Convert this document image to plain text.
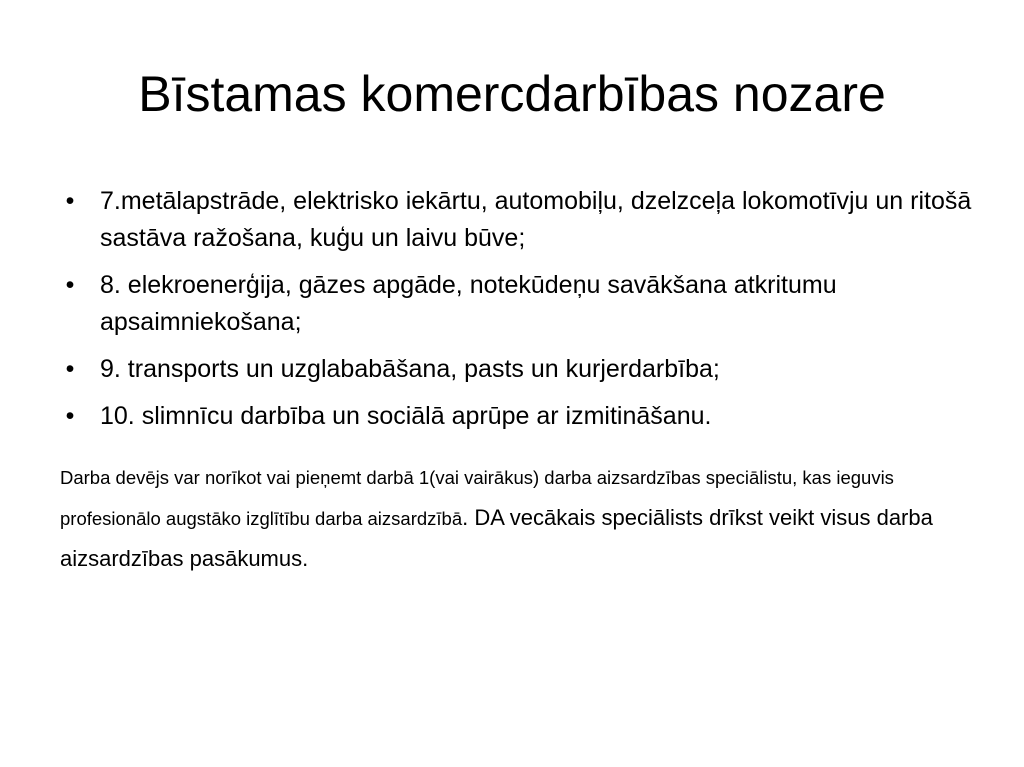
Bīstamas komercdarbības nozare
• 7.metālapstrāde, elektrisko iekārtu, automobiļu, dzelzceļa lokomotīvju un ritošā sastāva ražošana, kuģu un laivu būve;
• 8. elekroenerģija, gāzes apgāde, notekūdeņu savākšana atkritumu apsaimniekošana;
• 9. transports un uzglababāšana, pasts un kurjerdarbība;
• 10. slimnīcu darbība un sociālā aprūpe ar izmitināšanu.
Darba devējs var norīkot vai pieņemt darbā 1(vai vairākus) darba aizsardzības speciālistu, kas ieguvis profesionālo augstāko izglītību darba aizsardzībā. DA vecākais speciālists drīkst veikt visus darba aizsardzības pasākumus.
